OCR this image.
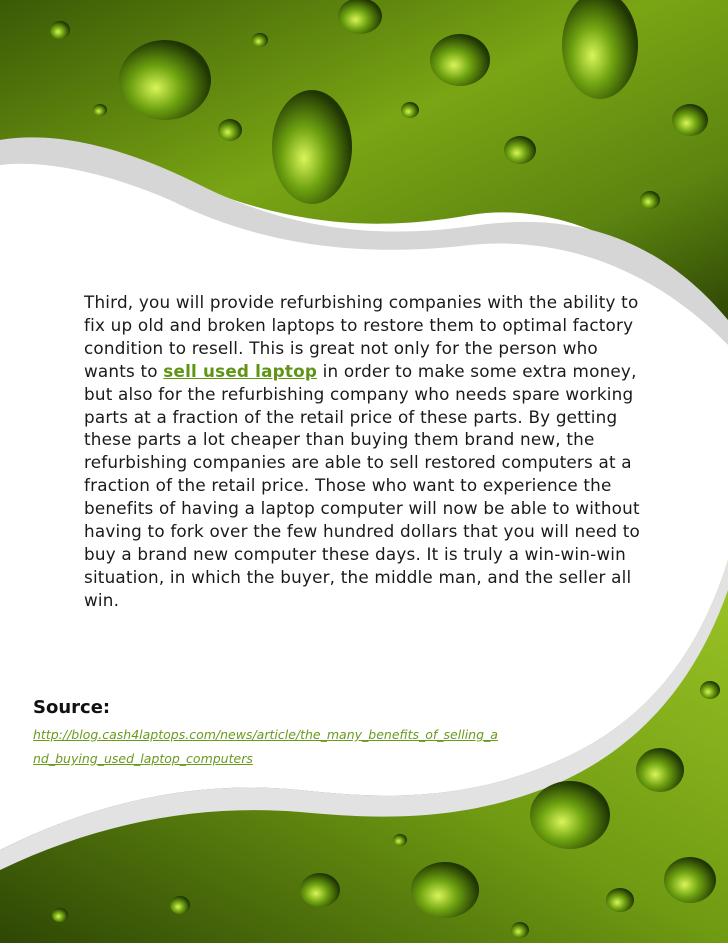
Third, you will provide refurbishing companies with the ability to fix up old and broken laptops to restore them to optimal factory condition to resell. This is great not only for the person who wants to sell used laptop in order to make some extra money, but also for the refurbishing company who needs spare working parts at a fraction of the retail price of these parts. By getting these parts a lot cheaper than buying them brand new, the refurbishing companies are able to sell restored computers at a fraction of the retail price. Those who want to experience the benefits of having a laptop computer will now be able to without having to fork over the few hundred dollars that you will need to buy a brand new computer these days. It is truly a win-win-win situation, in which the buyer, the middle man, and the seller all win.

Source:
http://blog.cash4laptops.com/news/article/the_many_benefits_of_selling_and_buying_used_laptop_computers
